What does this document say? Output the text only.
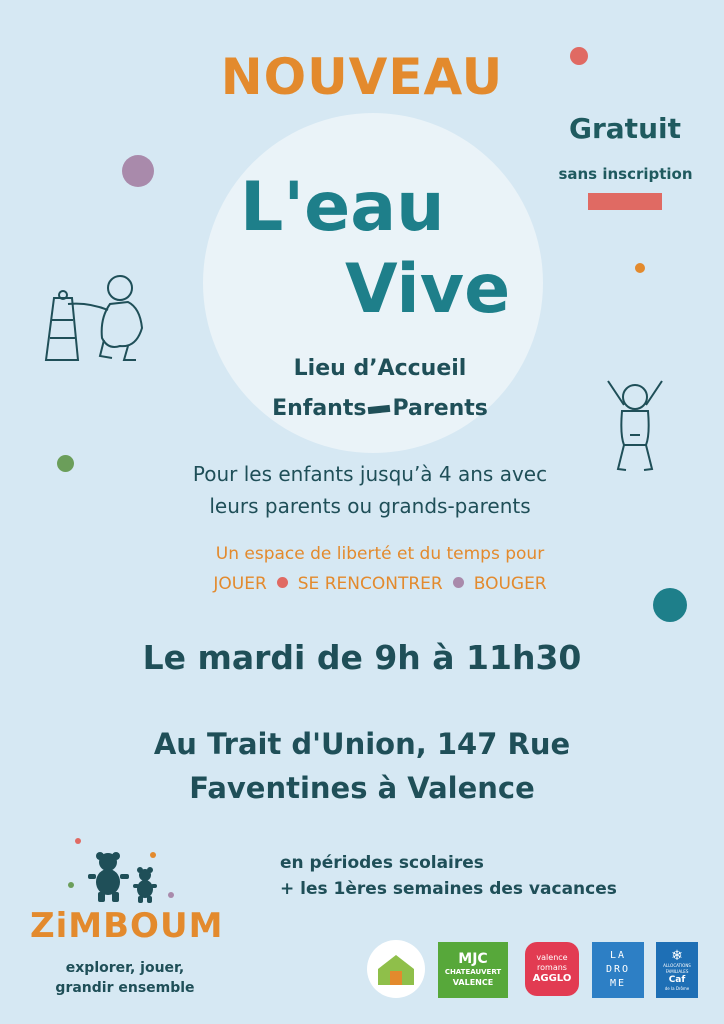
NOUVEAU
Gratuit
sans inscription
L'eau
Vive
Lieu d’Accueil
Enfants Parents
Pour les enfants jusqu’à 4 ans avec
leurs parents ou grands-parents
Un espace de liberté et du temps pour
JOUER SE RENCONTRER BOUGER
Le mardi de 9h à 11h30
Au Trait d'Union, 147 Rue
Faventines à Valence
en périodes scolaires
+ les 1ères semaines des vacances
ZiMBOUM
explorer, jouer,
grandir ensemble
MJC
CHATEAUVERT
VALENCE
valence
romans
AGGLO
LA
DRO
ME
❄
ALLOCATIONS FAMILIALES
Caf
de la Drôme
